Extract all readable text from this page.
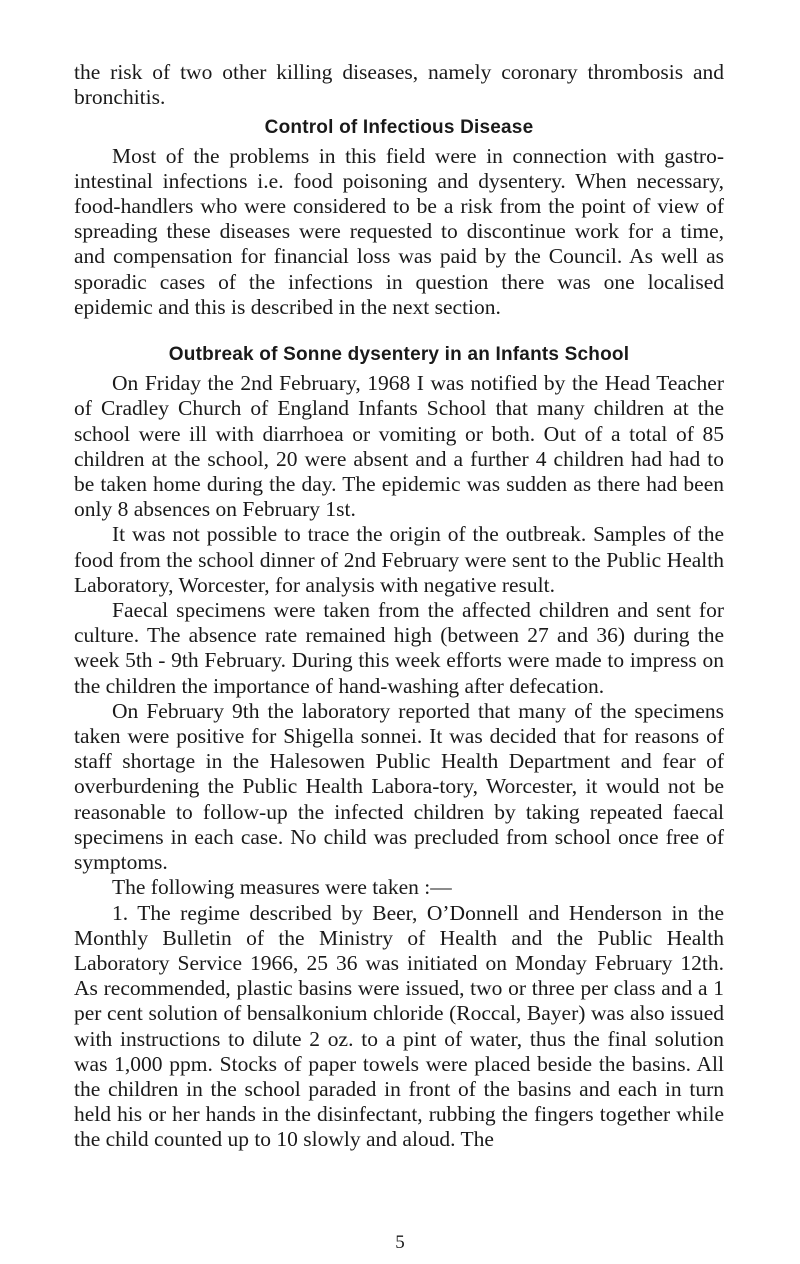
the risk of two other killing diseases, namely coronary thrombosis and bronchitis.

Control of Infectious Disease

Most of the problems in this field were in connection with gastro-intestinal infections i.e. food poisoning and dysentery. When necessary, food-handlers who were considered to be a risk from the point of view of spreading these diseases were requested to discontinue work for a time, and compensation for financial loss was paid by the Council. As well as sporadic cases of the infections in question there was one localised epidemic and this is described in the next section.

Outbreak of Sonne dysentery in an Infants School

On Friday the 2nd February, 1968 I was notified by the Head Teacher of Cradley Church of England Infants School that many children at the school were ill with diarrhoea or vomiting or both. Out of a total of 85 children at the school, 20 were absent and a further 4 children had had to be taken home during the day. The epidemic was sudden as there had been only 8 absences on February 1st.

It was not possible to trace the origin of the outbreak. Samples of the food from the school dinner of 2nd February were sent to the Public Health Laboratory, Worcester, for analysis with negative result.

Faecal specimens were taken from the affected children and sent for culture. The absence rate remained high (between 27 and 36) during the week 5th - 9th February. During this week efforts were made to impress on the children the importance of hand-washing after defecation.

On February 9th the laboratory reported that many of the specimens taken were positive for Shigella sonnei. It was decided that for reasons of staff shortage in the Halesowen Public Health Department and fear of overburdening the Public Health Labora-tory, Worcester, it would not be reasonable to follow-up the infected children by taking repeated faecal specimens in each case. No child was precluded from school once free of symptoms.

The following measures were taken :—

1. The regime described by Beer, O’Donnell and Henderson in the Monthly Bulletin of the Ministry of Health and the Public Health Laboratory Service 1966, 25 36 was initiated on Monday February 12th. As recommended, plastic basins were issued, two or three per class and a 1 per cent solution of bensalkonium chloride (Roccal, Bayer) was also issued with instructions to dilute 2 oz. to a pint of water, thus the final solution was 1,000 ppm. Stocks of paper towels were placed beside the basins. All the children in the school paraded in front of the basins and each in turn held his or her hands in the disinfectant, rubbing the fingers together while the child counted up to 10 slowly and aloud. The

5
